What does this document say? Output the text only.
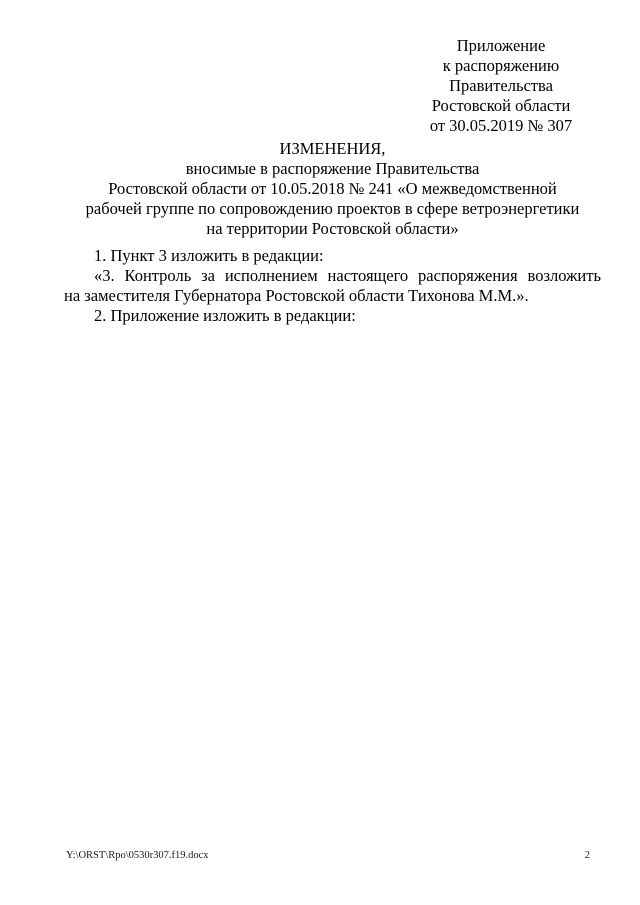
Приложение
к распоряжению
Правительства
Ростовской области
от 30.05.2019 № 307
ИЗМЕНЕНИЯ,
вносимые в распоряжение Правительства
Ростовской области от 10.05.2018 № 241 «О межведомственной
рабочей группе по сопровождению проектов в сфере ветроэнергетики
на территории Ростовской области»
1. Пункт 3 изложить в редакции:
«3. Контроль за исполнением настоящего распоряжения возложить
на заместителя Губернатора Ростовской области Тихонова М.М.».
2. Приложение изложить в редакции:
Y:\ORST\Rpo\0530r307.f19.docx	2
